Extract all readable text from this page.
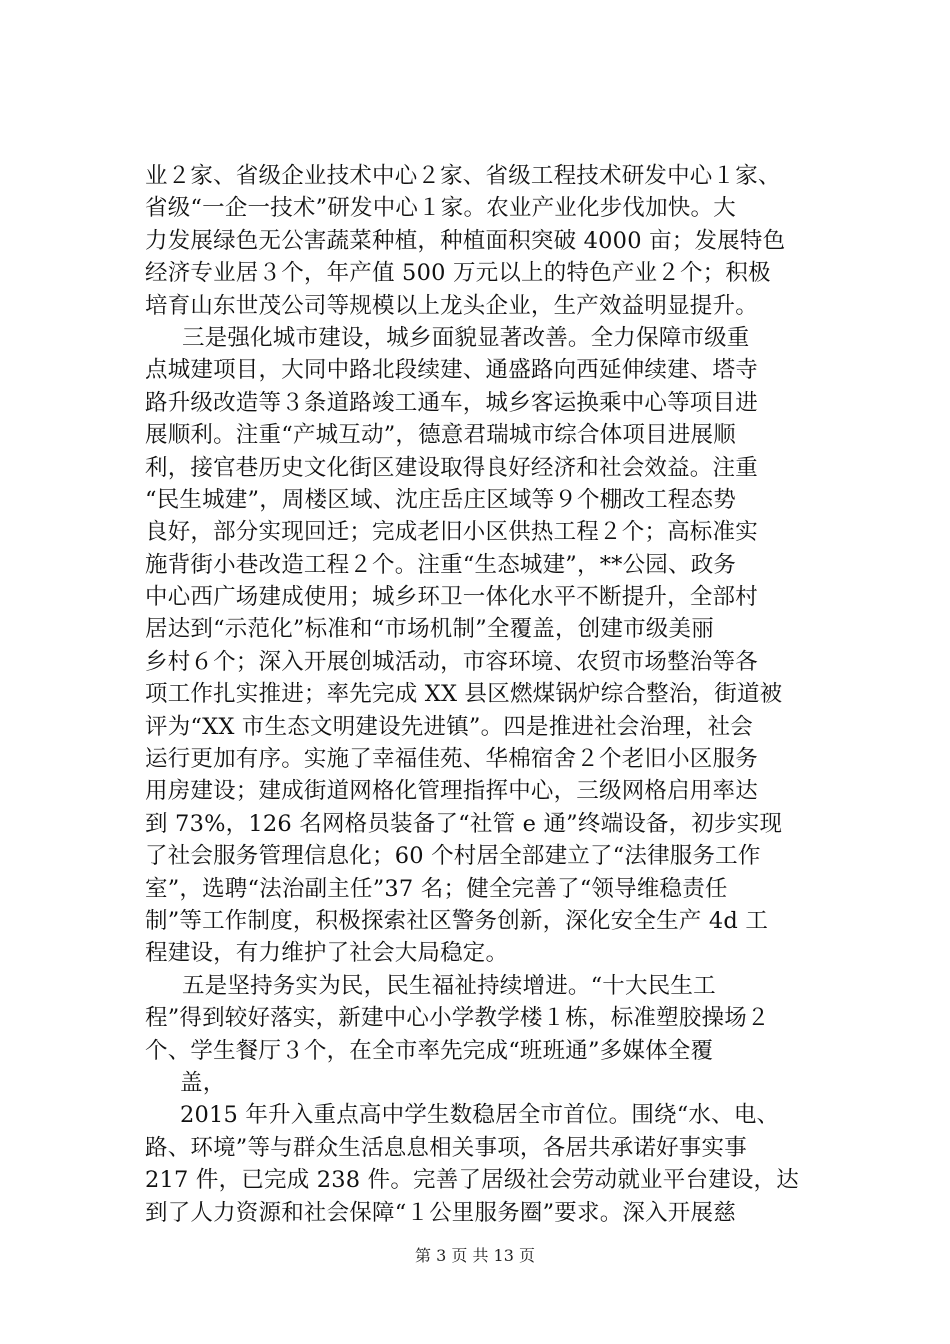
业２家、省级企业技术中心２家、省级工程技术研发中心１家、
省级“一企一技术”研发中心１家。农业产业化步伐加快。大
力发展绿色无公害蔬菜种植，种植面积突破 4000 亩；发展特色
经济专业居３个，年产值 500 万元以上的特色产业２个；积极
培育山东世茂公司等规模以上龙头企业，生产效益明显提升。
三是强化城市建设，城乡面貌显著改善。全力保障市级重
点城建项目，大同中路北段续建、通盛路向西延伸续建、塔寺
路升级改造等３条道路竣工通车，城乡客运换乘中心等项目进
展顺利。注重“产城互动”，德意君瑞城市综合体项目进展顺
利，接官巷历史文化街区建设取得良好经济和社会效益。注重
“民生城建”，周楼区域、沈庄岳庄区域等９个棚改工程态势
良好，部分实现回迁；完成老旧小区供热工程２个；高标准实
施背街小巷改造工程２个。注重“生态城建”，**公园、政务
中心西广场建成使用；城乡环卫一体化水平不断提升，全部村
居达到“示范化”标准和“市场机制”全覆盖，创建市级美丽
乡村６个；深入开展创城活动，市容环境、农贸市场整治等各
项工作扎实推进；率先完成 XX 县区燃煤锅炉综合整治，街道被
评为“XX 市生态文明建设先进镇”。四是推进社会治理，社会
运行更加有序。实施了幸福佳苑、华棉宿舍２个老旧小区服务
用房建设；建成街道网格化管理指挥中心，三级网格启用率达
到 73%，126 名网格员装备了“社管 e 通”终端设备，初步实现
了社会服务管理信息化；60 个村居全部建立了“法律服务工作
室”，选聘“法治副主任”37 名；健全完善了“领导维稳责任
制”等工作制度，积极探索社区警务创新，深化安全生产 4d 工
程建设，有力维护了社会大局稳定。
五是坚持务实为民，民生福祉持续增进。“十大民生工
程”得到较好落实，新建中心小学教学楼１栋，标准塑胶操场２
个、学生餐厅３个，在全市率先完成“班班通”多媒体全覆
盖，
2015 年升入重点高中学生数稳居全市首位。围绕“水、电、
路、环境”等与群众生活息息相关事项，各居共承诺好事实事
217 件，已完成 238 件。完善了居级社会劳动就业平台建设，达
到了人力资源和社会保障“１公里服务圈”要求。深入开展慈
第 3 页 共 13 页
